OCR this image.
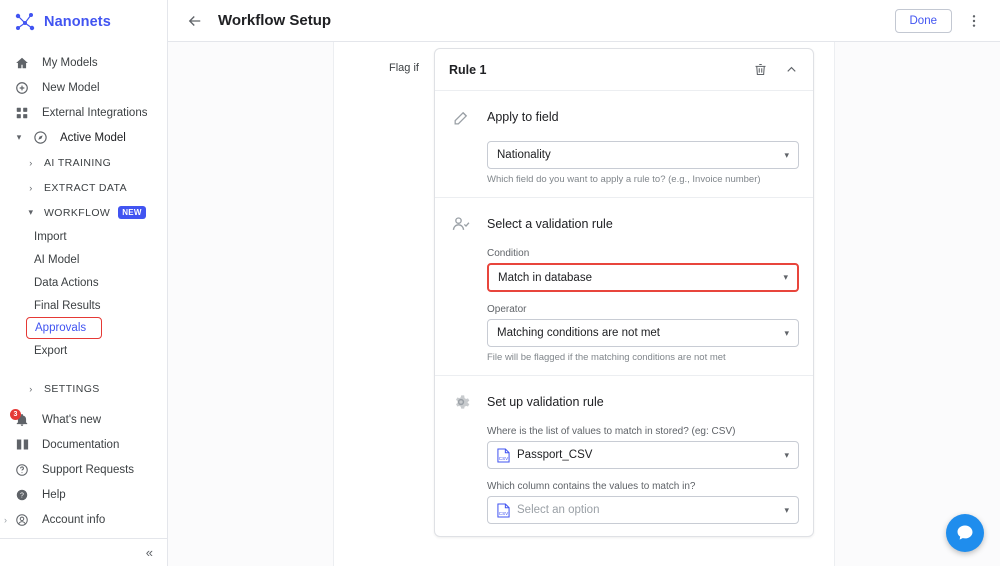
Nanonets
My Models
New Model
External Integrations
▾	Active Model
›	AI TRAINING
›	EXTRACT DATA
▾ WORKFLOW	NEW
Import
AI Model
Data Actions
Final Results
Approvals
Export
›	SETTINGS
3	What's new
Documentation
Support Requests
? Help
›	Account info
«
Workflow Setup	Done
Flag if Rule 1
Apply to field
Nationality	▾
Which field do you want to apply a rule to? (e.g., Invoice number)
Select a validation rule
Condition
Match in database	▾
Operator
Matching conditions are not met	▾
File will be flagged if the matching conditions are not met
Set up validation rule
Where is the list of values to match in stored? (eg: CSV)
CSV Passport_CSV	▾
Which column contains the values to match in?
CSV Select an option	▾
